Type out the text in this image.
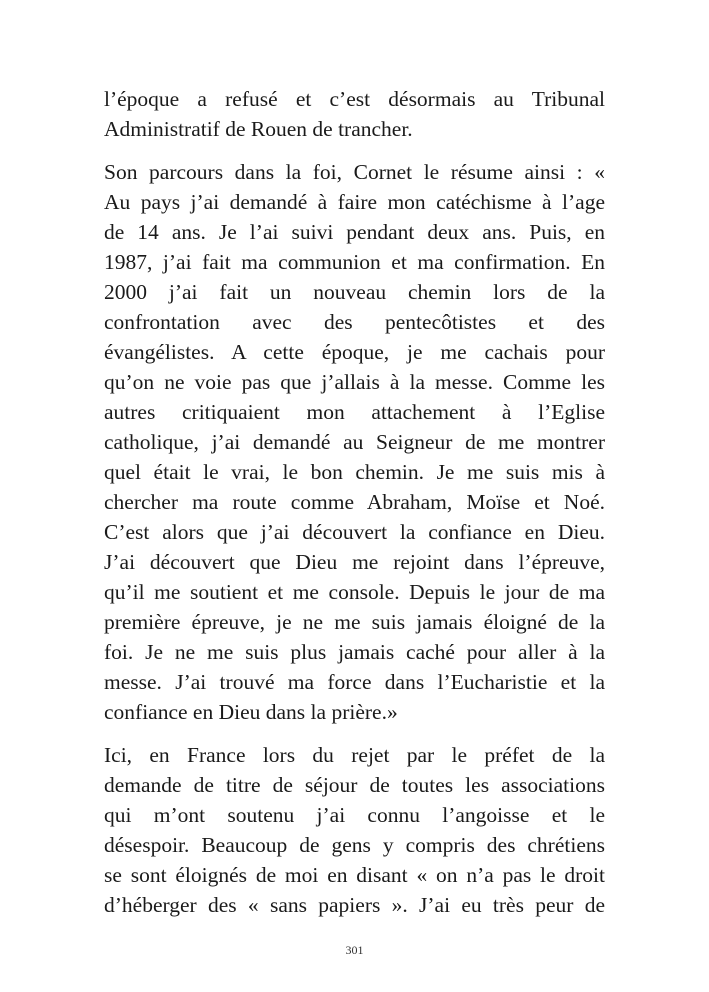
l’époque a refusé et c’est désormais au Tribunal
Administratif de Rouen de trancher.

Son parcours dans la foi, Cornet le résume ainsi : «
Au pays j’ai demandé à faire mon catéchisme à l’age
de 14 ans. Je l’ai suivi pendant deux ans. Puis, en
1987, j’ai fait ma communion et ma confirmation. En
2000 j’ai fait un nouveau chemin lors de la
confrontation avec des pentecôtistes et des
évangélistes. A cette époque, je me cachais pour
qu’on ne voie pas que j’allais à la messe. Comme les
autres critiquaient mon attachement à l’Eglise
catholique, j’ai demandé au Seigneur de me montrer
quel était le vrai, le bon chemin. Je me suis mis à
chercher ma route comme Abraham, Moïse et Noé.
C’est alors que j’ai découvert la confiance en Dieu.
J’ai découvert que Dieu me rejoint dans l’épreuve,
qu’il me soutient et me console. Depuis le jour de ma
première épreuve, je ne me suis jamais éloigné de la
foi. Je ne me suis plus jamais caché pour aller à la
messe. J’ai trouvé ma force dans l’Eucharistie et la
confiance en Dieu dans la prière.»

Ici, en France lors du rejet par le préfet de la
demande de titre de séjour de toutes les associations
qui m’ont soutenu j’ai connu l’angoisse et le
désespoir. Beaucoup de gens y compris des chrétiens
se sont éloignés de moi en disant « on n’a pas le droit
d’héberger des « sans papiers ». J’ai eu très peur de

301
